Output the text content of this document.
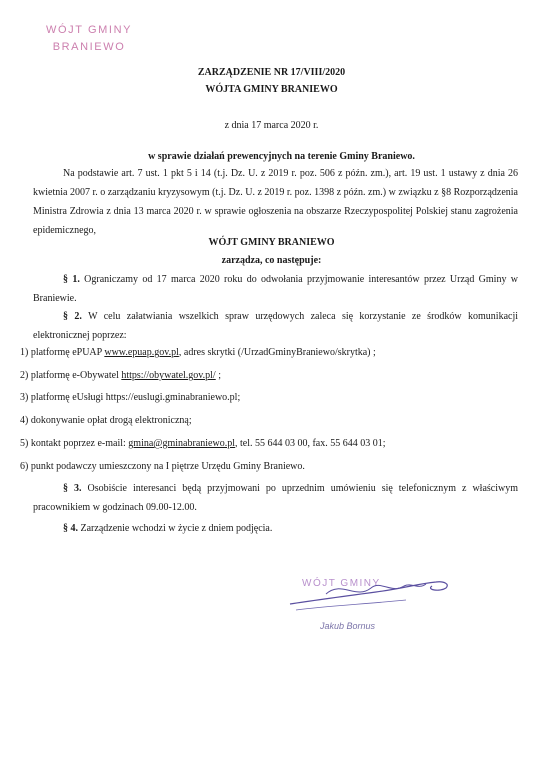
WÓJT GMINY
BRANIEWO
ZARZĄDZENIE NR 17/VIII/2020
WÓJTA GMINY BRANIEWO
z dnia 17 marca 2020 r.
w sprawie działań prewencyjnych na terenie Gminy Braniewo.
Na podstawie art. 7 ust. 1 pkt 5 i 14 (t.j. Dz. U. z 2019 r. poz. 506 z późn. zm.), art. 19 ust. 1 ustawy z dnia 26 kwietnia 2007 r. o zarządzaniu kryzysowym (t.j. Dz. U. z 2019 r. poz. 1398 z późn. zm.) w związku z §8 Rozporządzenia Ministra Zdrowia z dnia 13 marca 2020 r. w sprawie ogłoszenia na obszarze Rzeczypospolitej Polskiej stanu zagrożenia epidemicznego,
WÓJT GMINY BRANIEWO
zarządza, co następuje:
§ 1. Ograniczamy od 17 marca 2020 roku do odwołania przyjmowanie interesantów przez Urząd Gminy w Braniewie.
§ 2. W celu załatwiania wszelkich spraw urzędowych zaleca się korzystanie ze środków komunikacji elektronicznej poprzez:
1) platformę ePUAP www.epuap.gov.pl, adres skrytki (/UrzadGminyBraniewo/skrytka) ;
2) platformę e-Obywatel https://obywatel.gov.pl/ ;
3) platformę eUsługi https://euslugi.gminabraniewo.pl;
4) dokonywanie opłat drogą elektroniczną;
5) kontakt poprzez e-mail: gmina@gminabraniewo.pl, tel. 55 644 03 00, fax. 55 644 03 01;
6) punkt podawczy umieszczony na I piętrze Urzędu Gminy Braniewo.
§ 3. Osobiście interesanci będą przyjmowani po uprzednim umówieniu się telefonicznym z właściwym pracownikiem w godzinach 09.00-12.00.
§ 4. Zarządzenie wchodzi w życie z dniem podjęcia.
WÓJT GMINY
Jakub Bornus
